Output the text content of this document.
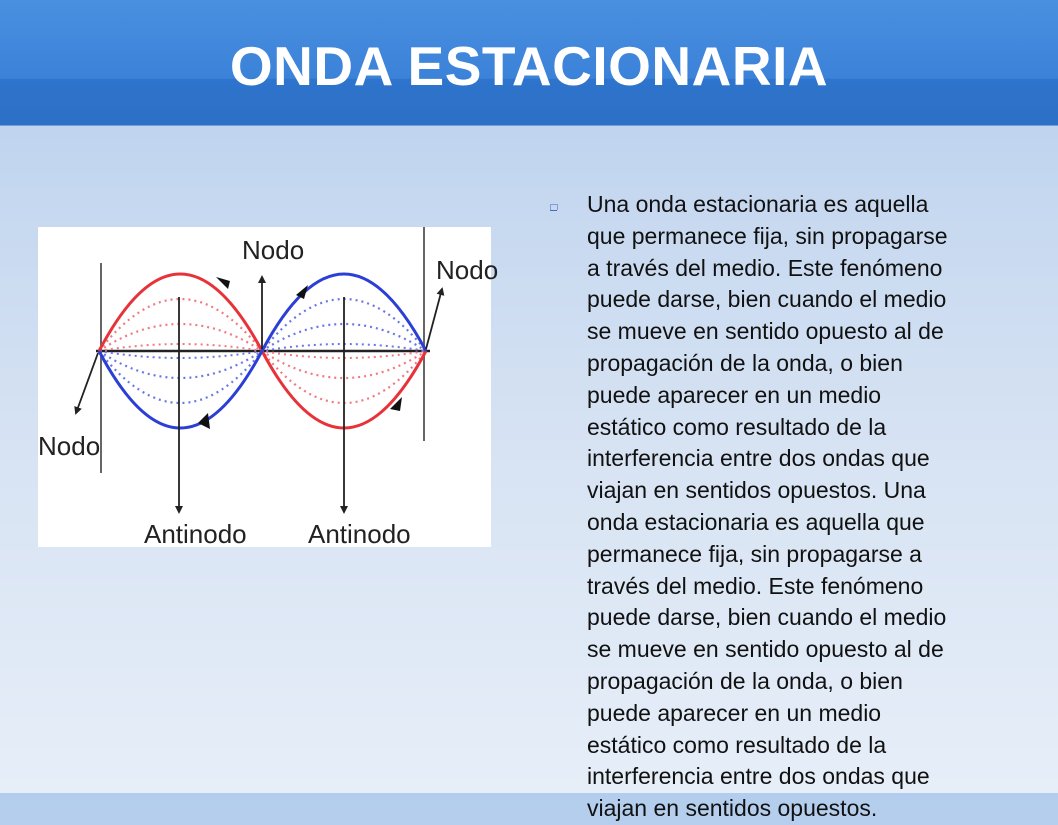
ONDA ESTACIONARIA
Nodo
Nodo
Nodo
Antinodo Antinodo
Una onda estacionaria es aquella
que permanece fija, sin propagarse
a través del medio. Este fenómeno
puede darse, bien cuando el medio
se mueve en sentido opuesto al de
propagación de la onda, o bien
puede aparecer en un medio
estático como resultado de la
interferencia entre dos ondas que
viajan en sentidos opuestos. Una
onda estacionaria es aquella que
permanece fija, sin propagarse a
través del medio. Este fenómeno
puede darse, bien cuando el medio
se mueve en sentido opuesto al de
propagación de la onda, o bien
puede aparecer en un medio
estático como resultado de la
interferencia entre dos ondas que
viajan en sentidos opuestos.
